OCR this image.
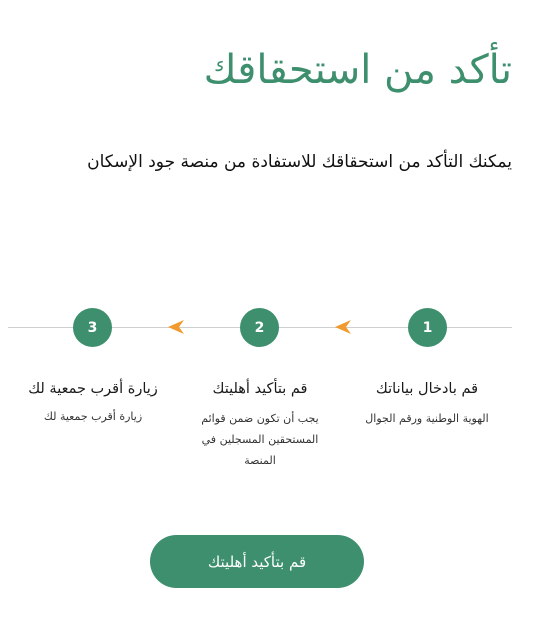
تأكد من استحقاقك

يمكنك التأكد من استحقاقك للاستفادة من منصة جود الإسكان

1
2
3

قم بادخال بياناتك

الهوية الوطنية ورقم الجوال

قم بتأكيد أهليتك

يجب أن تكون ضمن قوائم المستحقين المسجلين في المنصة

زيارة أقرب جمعية لك

زيارة أقرب جمعية لك

قم بتأكيد أهليتك
